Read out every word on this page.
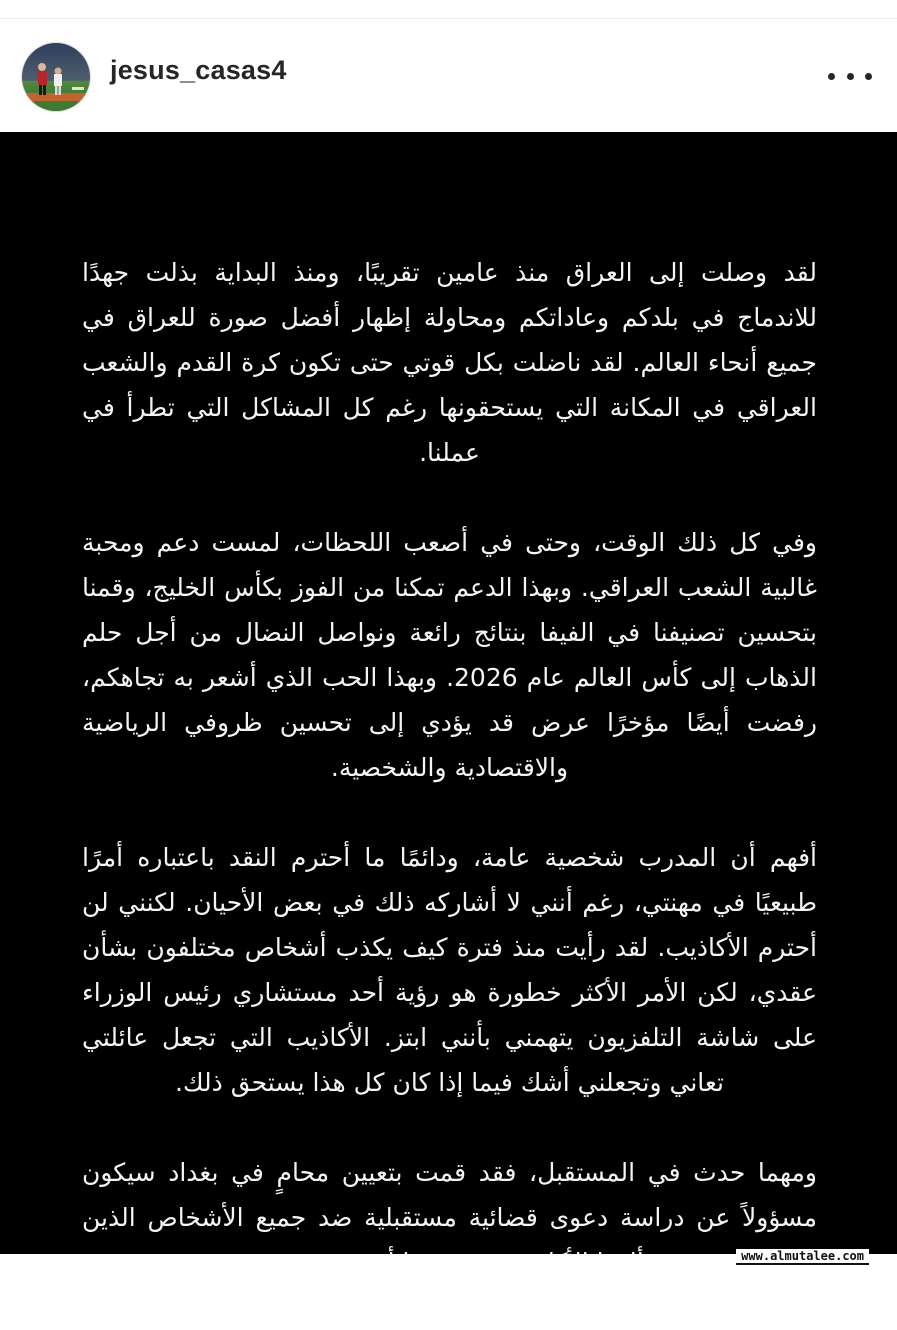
jesus_casas4

لقد وصلت إلى العراق منذ عامين تقريبًا، ومنذ البداية بذلت جهدًا للاندماج في بلدكم وعاداتكم ومحاولة إظهار أفضل صورة للعراق في جميع أنحاء العالم. لقد ناضلت بكل قوتي حتى تكون كرة القدم والشعب العراقي في المكانة التي يستحقونها رغم كل المشاكل التي تطرأ في عملنا.

وفي كل ذلك الوقت، وحتى في أصعب اللحظات، لمست دعم ومحبة غالبية الشعب العراقي. وبهذا الدعم تمكنا من الفوز بكأس الخليج، وقمنا بتحسين تصنيفنا في الفيفا بنتائج رائعة ونواصل النضال من أجل حلم الذهاب إلى كأس العالم عام 2026. وبهذا الحب الذي أشعر به تجاهكم، رفضت أيضًا مؤخرًا عرض قد يؤدي إلى تحسين ظروفي الرياضية والاقتصادية والشخصية.

أفهم أن المدرب شخصية عامة، ودائمًا ما أحترم النقد باعتباره أمرًا طبيعيًا في مهنتي، رغم أنني لا أشاركه ذلك في بعض الأحيان. لكنني لن أحترم الأكاذيب. لقد رأيت منذ فترة كيف يكذب أشخاص مختلفون بشأن عقدي، لكن الأمر الأكثر خطورة هو رؤية أحد مستشاري رئيس الوزراء على شاشة التلفزيون يتهمني بأنني ابتز. الأكاذيب التي تجعل عائلتي تعاني وتجعلني أشك فيما إذا كان كل هذا يستحق ذلك.

ومهما حدث في المستقبل، فقد قمت بتعيين محامٍ في بغداد سيكون مسؤولاً عن دراسة دعوى قضائية مستقبلية ضد جميع الأشخاص الذين

www.almutalee.com
